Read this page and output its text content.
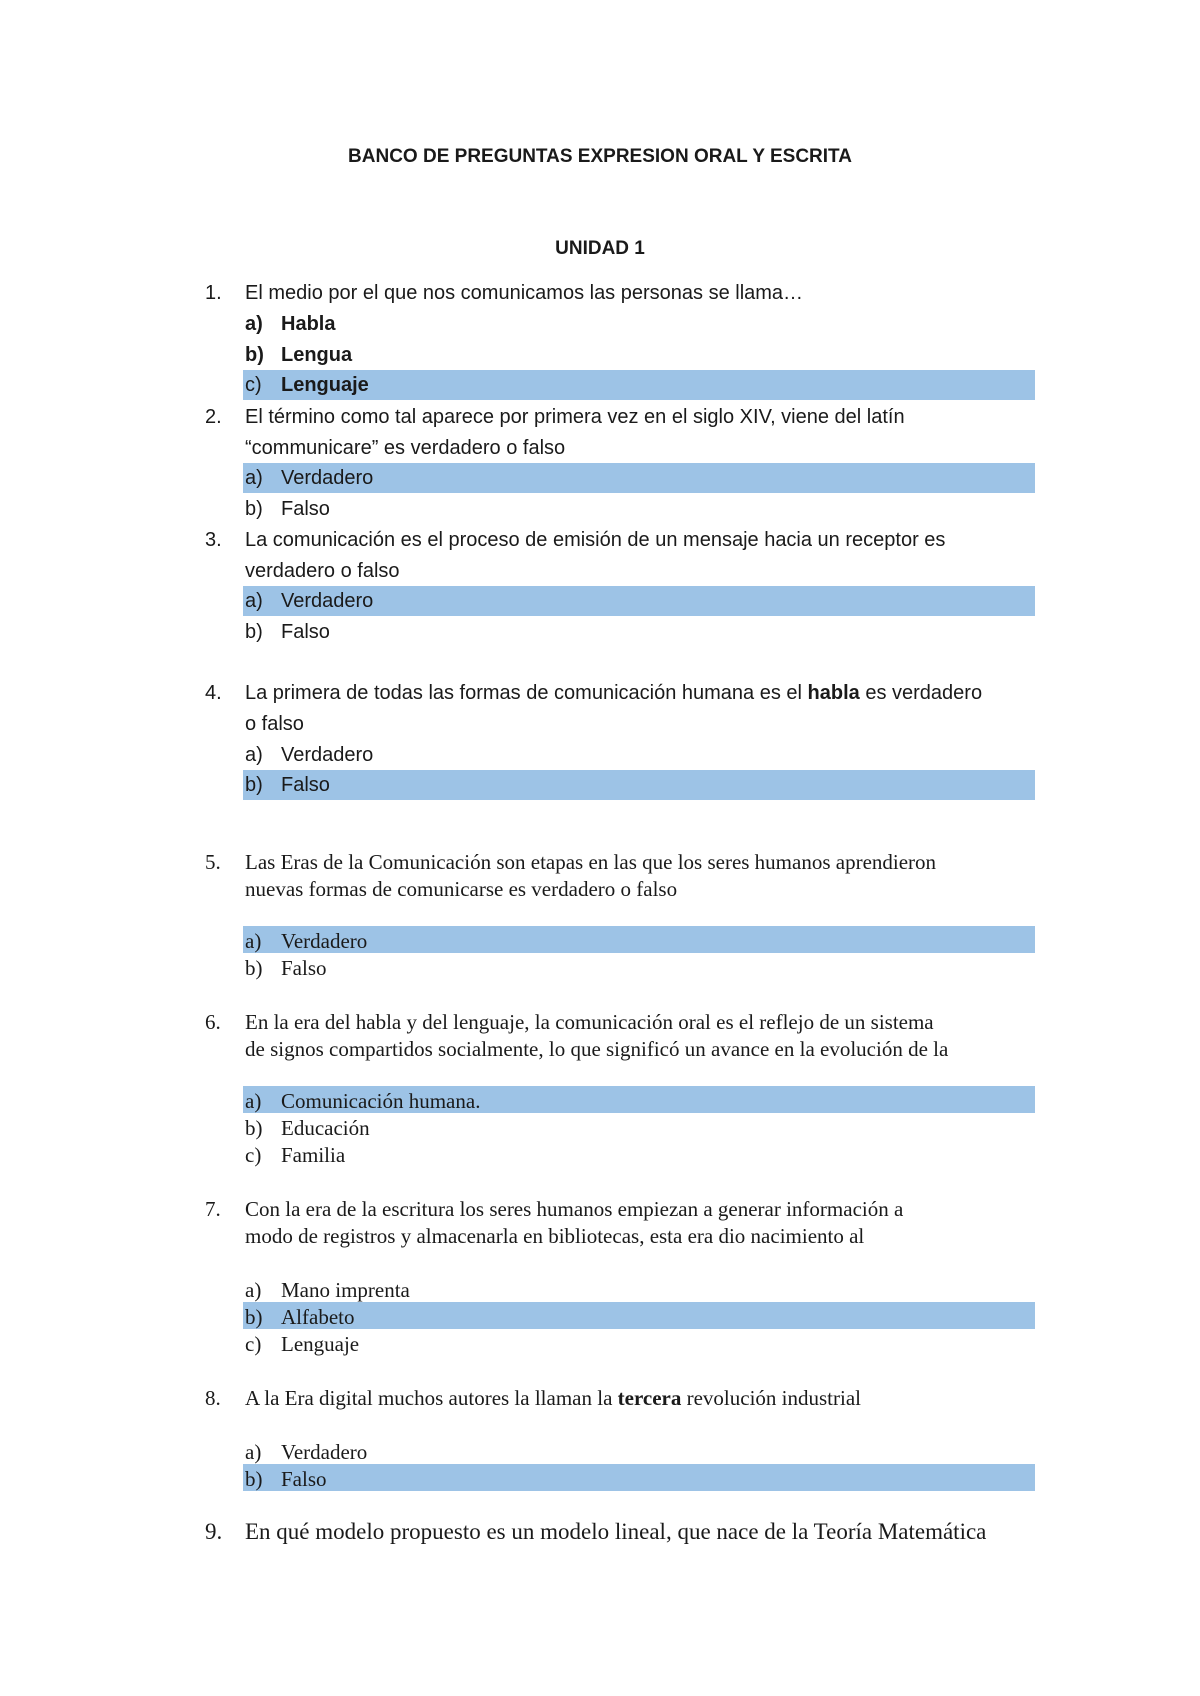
BANCO DE PREGUNTAS EXPRESION ORAL Y ESCRITA
UNIDAD 1
1. El medio por el que nos comunicamos las personas se llama…
a) Habla
b) Lengua
c) Lenguaje
2. El término como tal aparece por primera vez en el siglo XIV, viene del latín
“communicare” es verdadero o falso
a) Verdadero
b) Falso
3. La comunicación es el proceso de emisión de un mensaje hacia un receptor es
verdadero o falso
a) Verdadero
b) Falso
4. La primera de todas las formas de comunicación humana es el habla es verdadero
o falso
a) Verdadero
b) Falso
5. Las Eras de la Comunicación son etapas en las que los seres humanos aprendieron
nuevas formas de comunicarse es verdadero o falso
a) Verdadero
b) Falso
6. En la era del habla y del lenguaje, la comunicación oral es el reflejo de un sistema
de signos compartidos socialmente, lo que significó un avance en la evolución de la
a) Comunicación humana.
b) Educación
c) Familia
7. Con la era de la escritura los seres humanos empiezan a generar información a
modo de registros y almacenarla en bibliotecas, esta era dio nacimiento al
a) Mano imprenta
b) Alfabeto
c) Lenguaje
8. A la Era digital muchos autores la llaman la tercera revolución industrial
a) Verdadero
b) Falso
9. En qué modelo propuesto es un modelo lineal, que nace de la Teoría Matemática
